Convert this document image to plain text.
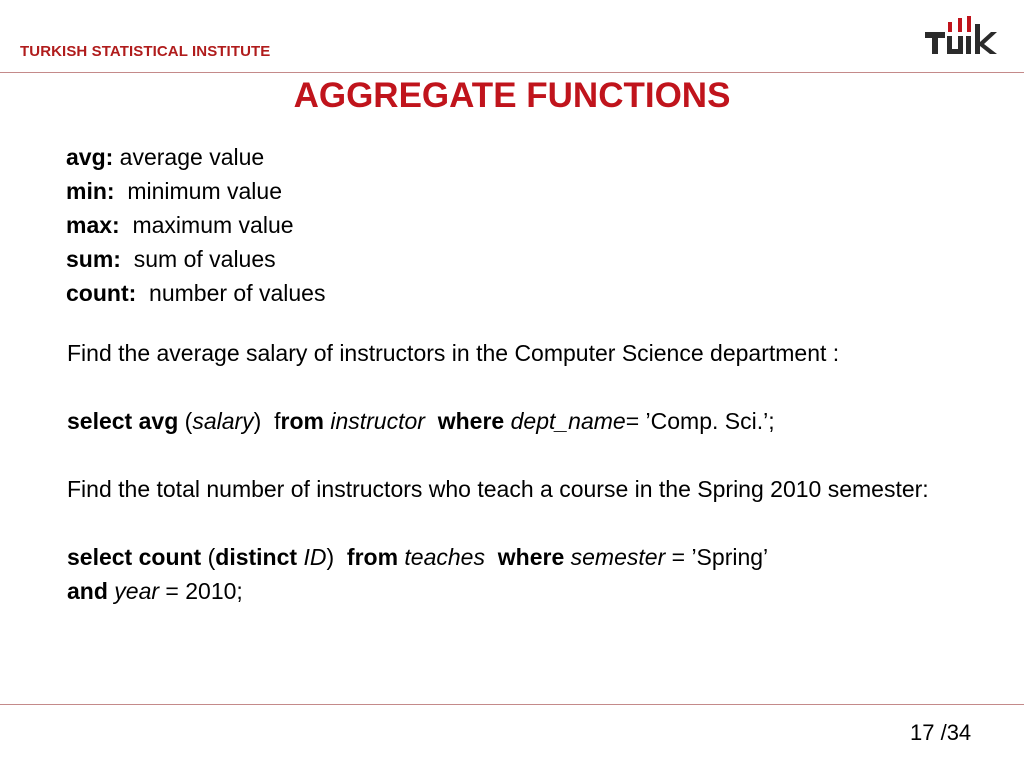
TURKISH STATISTICAL INSTITUTE
AGGREGATE FUNCTIONS
avg: average value
min:  minimum value
max:  maximum value
sum:  sum of values
count:  number of values
Find the average salary of instructors in the Computer Science department :
select avg (salary)  from instructor  where dept_name= ’Comp. Sci.’;
Find the total number of instructors who teach a course in the Spring 2010 semester:
select count (distinct ID)  from teaches  where semester = ’Spring’
and year = 2010;
17 /34
